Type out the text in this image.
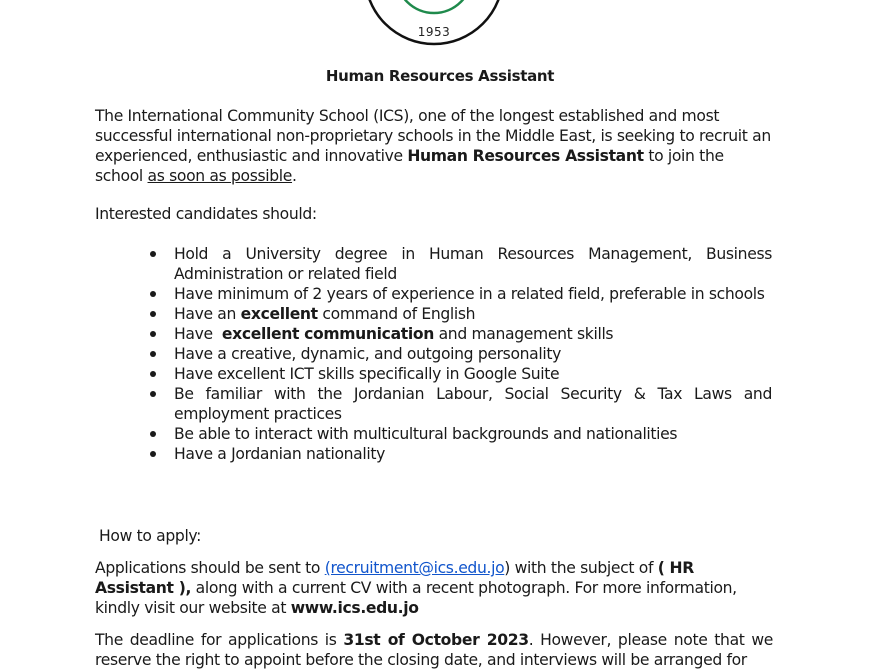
1953
Human Resources Assistant
The International Community School (ICS), one of the longest established and most successful international non-proprietary schools in the Middle East, is seeking to recruit an experienced, enthusiastic and innovative Human Resources Assistant to join the school as soon as possible.
Interested candidates should:
Hold a University degree in Human Resources Management, Business Administration or related field
Have minimum of 2 years of experience in a related field, preferable in schools
Have an excellent command of English
Have  excellent communication and management skills
Have a creative, dynamic, and outgoing personality
Have excellent ICT skills specifically in Google Suite
Be familiar with the Jordanian Labour, Social Security & Tax Laws and employment practices
Be able to interact with multicultural backgrounds and nationalities
Have a Jordanian nationality
How to apply:
Applications should be sent to (recruitment@ics.edu.jo) with the subject of ( HR Assistant ), along with a current CV with a recent photograph. For more information, kindly visit our website at www.ics.edu.jo
The deadline for applications is 31st of October 2023. However, please note that we reserve the right to appoint before the closing date, and interviews will be arranged for
